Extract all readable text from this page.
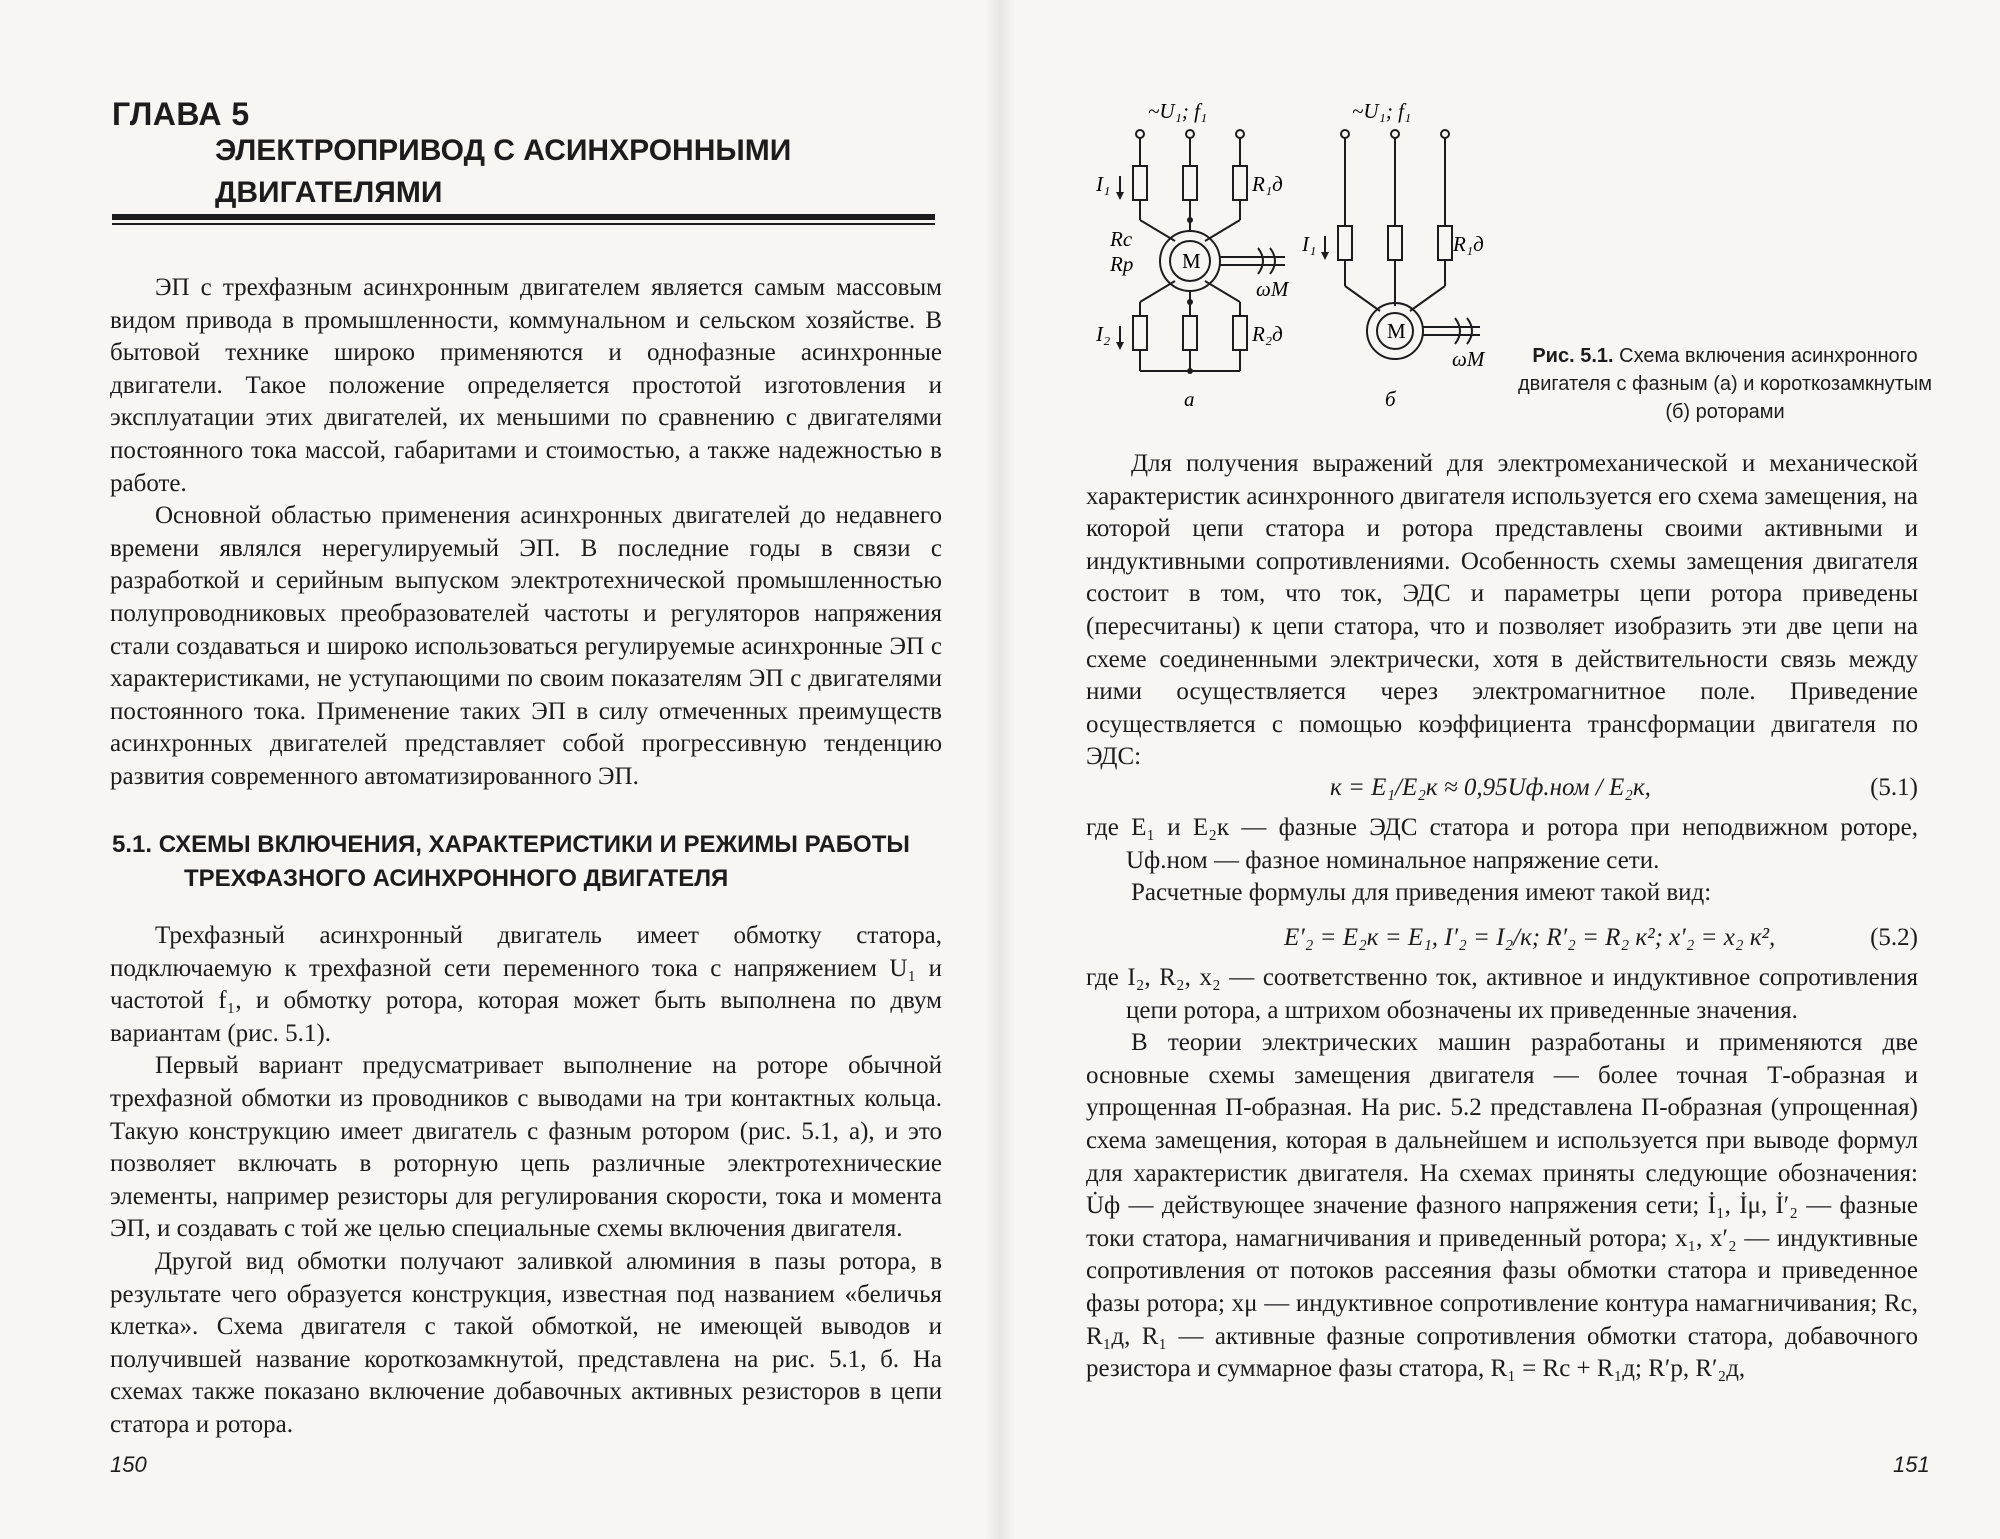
ГЛАВА 5
ЭЛЕКТРОПРИВОД С АСИНХРОННЫМИ ДВИГАТЕЛЯМИ

ЭП с трехфазным асинхронным двигателем является самым массовым видом привода в промышленности, коммунальном и сельском хозяйстве. В бытовой технике широко применяются и однофазные асинхронные двигатели. Такое положение определяется простотой изготовления и эксплуатации этих двигателей, их меньшими по сравнению с двигателями постоянного тока массой, габаритами и стоимостью, а также надежностью в работе.

Основной областью применения асинхронных двигателей до недавнего времени являлся нерегулируемый ЭП. В последние годы в связи с разработкой и серийным выпуском электротехнической промышленностью полупроводниковых преобразователей частоты и регуляторов напряжения стали создаваться и широко использоваться регулируемые асинхронные ЭП с характеристиками, не уступающими по своим показателям ЭП с двигателями постоянного тока. Применение таких ЭП в силу отмеченных преимуществ асинхронных двигателей представляет собой прогрессивную тенденцию развития современного автоматизированного ЭП.

5.1. СХЕМЫ ВКЛЮЧЕНИЯ, ХАРАКТЕРИСТИКИ И РЕЖИМЫ РАБОТЫ
ТРЕХФАЗНОГО АСИНХРОННОГО ДВИГАТЕЛЯ

Трехфазный асинхронный двигатель имеет обмотку статора, подключаемую к трехфазной сети переменного тока с напряжением U₁ и частотой f₁, и обмотку ротора, которая может быть выполнена по двум вариантам (рис. 5.1).

Первый вариант предусматривает выполнение на роторе обычной трехфазной обмотки из проводников с выводами на три контактных кольца. Такую конструкцию имеет двигатель с фазным ротором (рис. 5.1, а), и это позволяет включать в роторную цепь различные электротехнические элементы, например резисторы для регулирования скорости, тока и момента ЭП, и создавать с той же целью специальные схемы включения двигателя.

Другой вид обмотки получают заливкой алюминия в пазы ротора, в результате чего образуется конструкция, известная под названием «беличья клетка». Схема двигателя с такой обмоткой, не имеющей выводов и получившей название короткозамкнутой, представлена на рис. 5.1, б. На схемах также показано включение добавочных активных резисторов в цепи статора и ротора.

150
~U₁; f₁	~U₁; f₁
I₁
I₂
R₁д
R₂д
Rс
Rр M
ωM
R₁д
I₁
M
ωM
а	б
Рис. 5.1. Схема включения асинхронного двигателя с фазным (а) и короткозамкнутым (б) роторами

Для получения выражений для электромеханической и механической характеристик асинхронного двигателя используется его схема замещения, на которой цепи статора и ротора представлены своими активными и индуктивными сопротивлениями. Особенность схемы замещения двигателя состоит в том, что ток, ЭДС и параметры цепи ротора приведены (пересчитаны) к цепи статора, что и позволяет изобразить эти две цепи на схеме соединенными электрически, хотя в действительности связь между ними осуществляется через электромагнитное поле. Приведение осуществляется с помощью коэффициента трансформации двигателя по ЭДС:

к = E₁/E₂к ≈ 0,95Uф.ном / E₂к,	(5.1)

где E₁ и E₂к — фазные ЭДС статора и ротора при неподвижном роторе, Uф.ном — фазное номинальное напряжение сети.

Расчетные формулы для приведения имеют такой вид:

E′₂ = E₂к = E₁, I′₂ = I₂/к; R′₂ = R₂ к²; x′₂ = x₂ к²,	(5.2)

где I₂, R₂, x₂ — соответственно ток, активное и индуктивное сопротивления цепи ротора, а штрихом обозначены их приведенные значения.

В теории электрических машин разработаны и применяются две основные схемы замещения двигателя — более точная Т-образная и упрощенная П-образная. На рис. 5.2 представлена П-образная (упрощенная) схема замещения, которая в дальнейшем и используется при выводе формул для характеристик двигателя. На схемах приняты следующие обозначения: U̇ф — действующее значение фазного напряжения сети; İ₁, İμ, İ′₂ — фазные токи статора, намагничивания и приведенный ротора; x₁, x′₂ — индуктивные сопротивления от потоков рассеяния фазы обмотки статора и приведенное фазы ротора; xμ — индуктивное сопротивление контура намагничивания; Rс, R₁д, R₁ — активные фазные сопротивления обмотки статора, добавочного резистора и суммарное фазы статора, R₁ = Rс + R₁д; R′р, R′₂д,

151
